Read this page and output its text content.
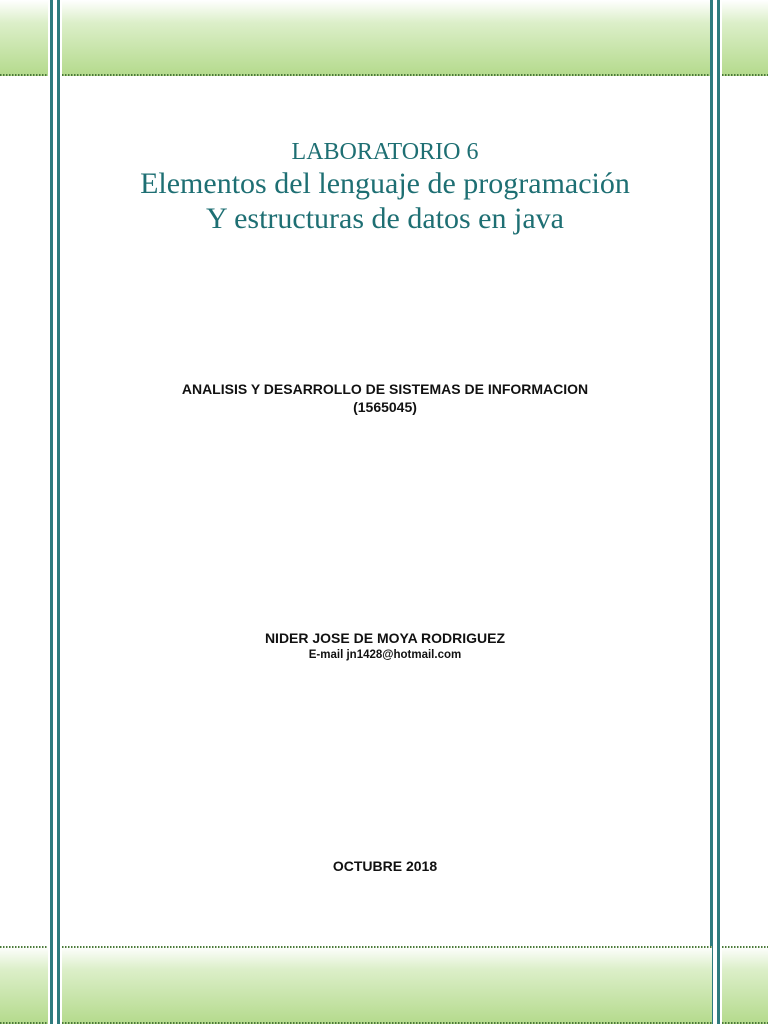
LABORATORIO 6
Elementos del lenguaje de programación
Y estructuras de datos en java
ANALISIS Y DESARROLLO DE SISTEMAS DE INFORMACION
(1565045)
NIDER JOSE DE MOYA RODRIGUEZ
E-mail jn1428@hotmail.com
OCTUBRE 2018
